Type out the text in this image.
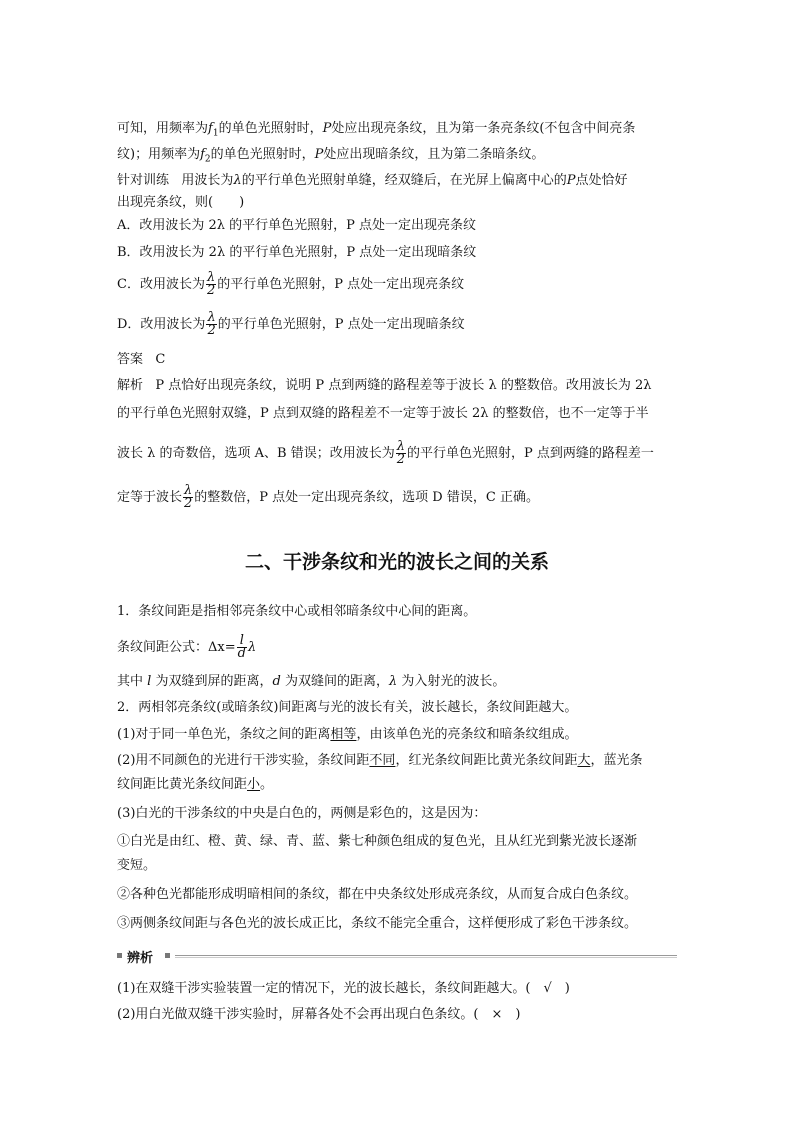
可知，用频率为$f_1$的单色光照射时，P处应出现亮条纹，且为第一条亮条纹(不包含中间亮条
纹)；用频率为$f_2$的单色光照射时，P处应出现暗条纹，且为第二条暗条纹。
针对训练 用波长为λ的平行单色光照射单缝，经双缝后，在光屏上偏离中心的P点处恰好
出现亮条纹，则(　　)
A．改用波长为 2λ 的平行单色光照射，P 点处一定出现亮条纹
B．改用波长为 2λ 的平行单色光照射，P 点处一定出现暗条纹
C．改用波长为 $\frac{\lambda}{2}$ 的平行单色光照射，P 点处一定出现亮条纹
D．改用波长为 $\frac{\lambda}{2}$ 的平行单色光照射，P 点处一定出现暗条纹
答案 C
解析 P 点恰好出现亮条纹，说明 P 点到两缝的路程差等于波长 λ 的整数倍。改用波长为 2λ
的平行单色光照射双缝，P 点到双缝的路程差不一定等于波长 2λ 的整数倍，也不一定等于半
波长 λ 的奇数倍，选项 A、B 错误；改用波长为 $\frac{\lambda}{2}$ 的平行单色光照射，P 点到两缝的路程差一
定等于波长 $\frac{\lambda}{2}$ 的整数倍，P 点处一定出现亮条纹，选项 D 错误，C 正确。
二、干涉条纹和光的波长之间的关系
1．条纹间距是指相邻亮条纹中心或相邻暗条纹中心间的距离。
条纹间距公式：$\Delta x= \frac{l}{d}$ λ
其中 l 为双缝到屏的距离，d 为双缝间的距离，λ 为入射光的波长。
2．两相邻亮条纹(或暗条纹)间距离与光的波长有关，波长越长，条纹间距越大。
(1)对于同一单色光，条纹之间的距离相等，由该单色光的亮条纹和暗条纹组成。
(2)用不同颜色的光进行干涉实验，条纹间距不同，红光条纹间距比黄光条纹间距大，蓝光条
纹间距比黄光条纹间距小。
(3)白光的干涉条纹的中央是白色的，两侧是彩色的，这是因为：
①白光是由红、橙、黄、绿、青、蓝、紫七种颜色组成的复色光，且从红光到紫光波长逐渐
变短。
②各种色光都能形成明暗相间的条纹，都在中央条纹处形成亮条纹，从而复合成白色条纹。
③两侧条纹间距与各色光的波长成正比，条纹不能完全重合，这样便形成了彩色干涉条纹。
辨析
(1)在双缝干涉实验装置一定的情况下，光的波长越长，条纹间距越大。(　√　)
(2)用白光做双缝干涉实验时，屏幕各处不会再出现白色条纹。(　×　)
